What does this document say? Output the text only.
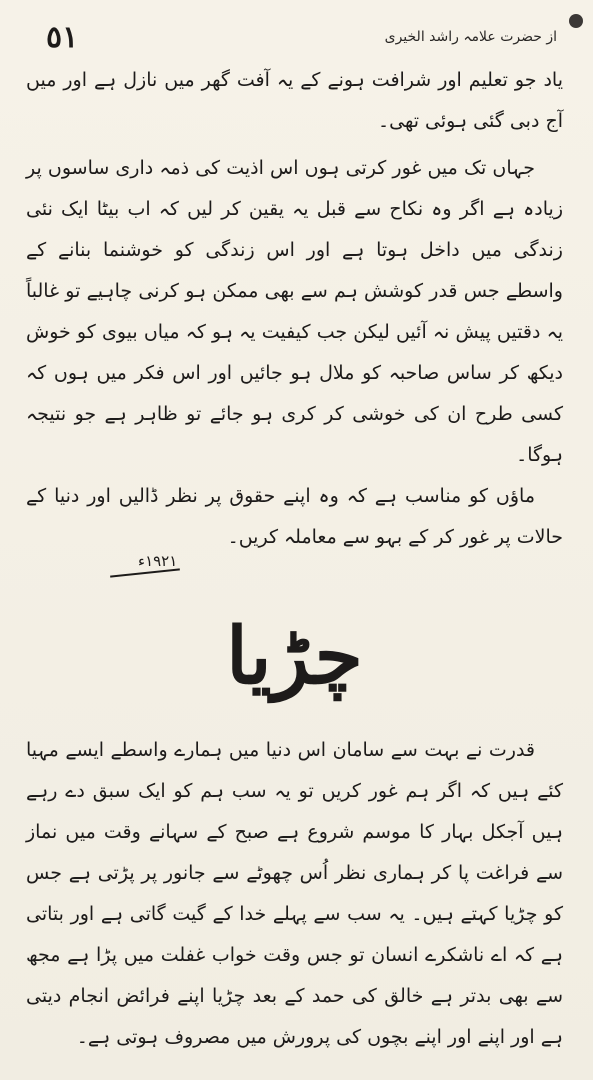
٥١	از حضرت علامہ راشد الخیری

یاد جو تعلیم اور شرافت ہونے کے یہ آفت گھر میں نازل ہے اور میں آج دبی گئی ہوئی تھی۔

جہاں تک میں غور کرتی ہوں اس اذیت کی ذمہ داری ساسوں پر زیادہ ہے اگر وہ نکاح سے قبل یہ یقین کر لیں کہ اب بیٹا ایک نئی زندگی میں داخل ہوتا ہے اور اس زندگی کو خوشنما بنانے کے واسطے جس قدر کوشش ہم سے بھی ممکن ہو کرنی چاہیے تو غالباً یہ دقتیں پیش نہ آئیں لیکن جب کیفیت یہ ہو کہ میاں بیوی کو خوش دیکھ کر ساس صاحبہ کو ملال ہو جائیں اور اس فکر میں ہوں کہ کسی طرح ان کی خوشی کر کری ہو جائے تو ظاہر ہے جو نتیجہ ہوگا۔

ماؤں کو مناسب ہے کہ وہ اپنے حقوق پر نظر ڈالیں اور دنیا کے حالات پر غور کر کے بہو سے معاملہ کریں۔

١٩٢١ء
چڑیا

قدرت نے بہت سے سامان اس دنیا میں ہمارے واسطے ایسے مہیا کئے ہیں کہ اگر ہم غور کریں تو یہ سب ہم کو ایک سبق دے رہے ہیں آجکل بہار کا موسم شروع ہے صبح کے سہانے وقت میں نماز سے فراغت پا کر ہماری نظر اُس چھوٹے سے جانور پر پڑتی ہے جس کو چڑیا کہتے ہیں۔ یہ سب سے پہلے خدا کے گیت گاتی ہے اور بتاتی ہے کہ اے ناشکرے انسان تو جس وقت خواب غفلت میں پڑا ہے مجھ سے بھی بدتر ہے خالق کی حمد کے بعد چڑیا اپنے فرائض انجام دیتی ہے اور اپنے اور اپنے بچوں کی پرورش میں مصروف ہوتی ہے۔
